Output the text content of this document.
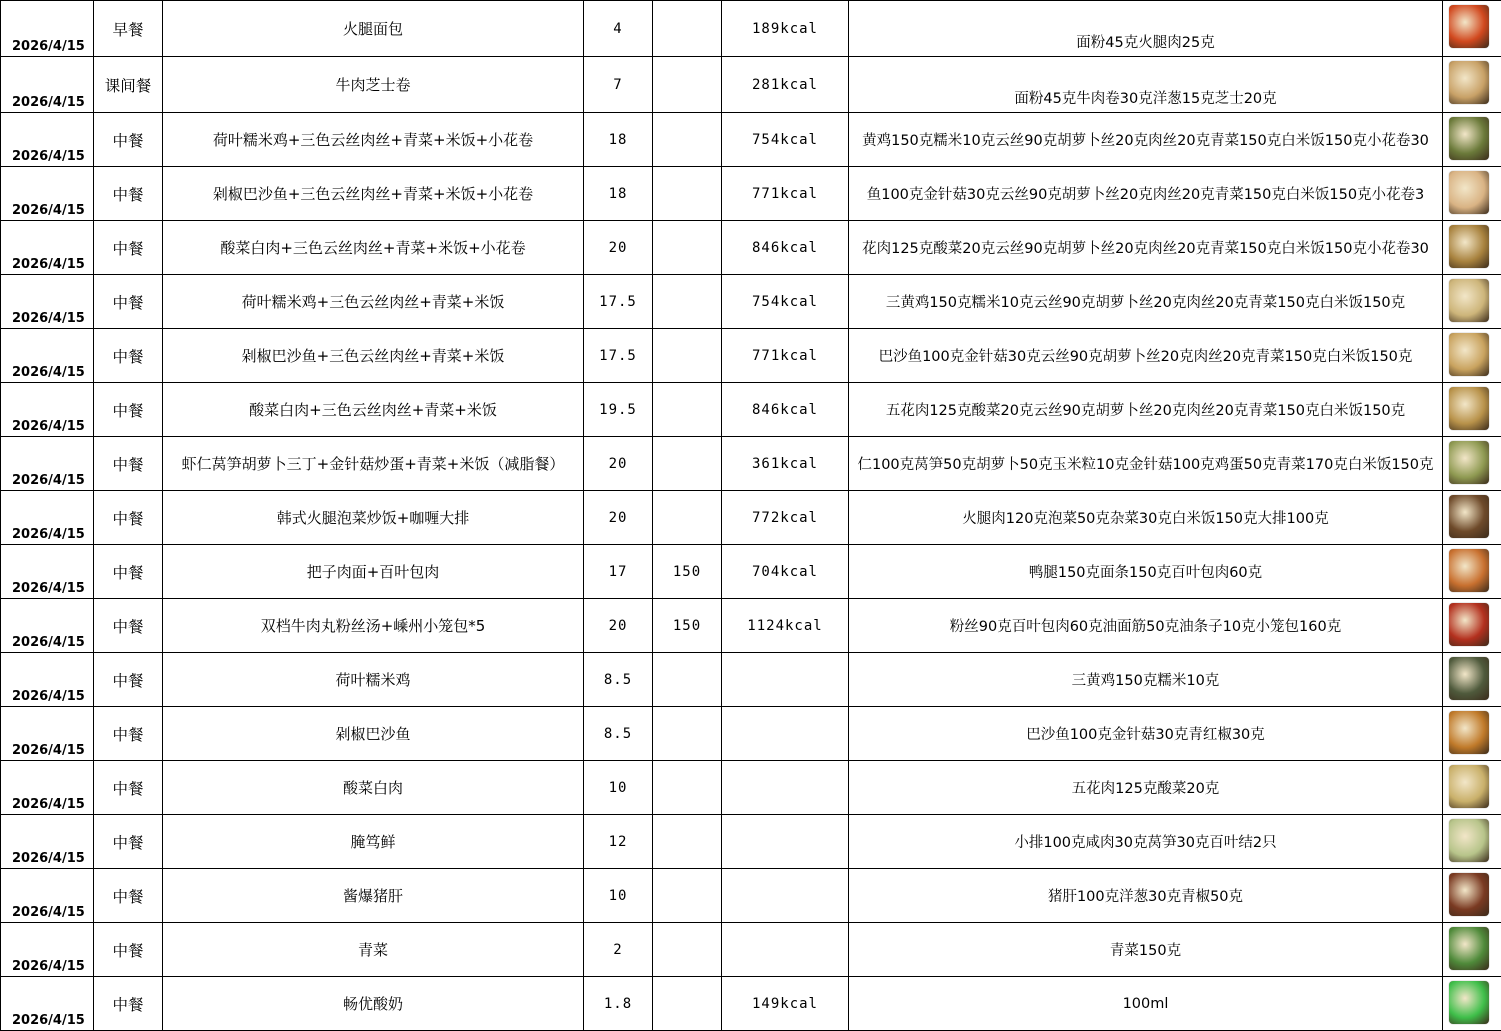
2026/4/15	早餐	火腿面包	4		189kcal	面粉45克火腿肉25克	

2026/4/15	课间餐	牛肉芝士卷	7		281kcal	面粉45克牛肉卷30克洋葱15克芝士20克	

2026/4/15	中餐	荷叶糯米鸡+三色云丝肉丝+青菜+米饭+小花卷	18		754kcal	黄鸡150克糯米10克云丝90克胡萝卜丝20克肉丝20克青菜150克白米饭150克小花卷30	

2026/4/15	中餐	剁椒巴沙鱼+三色云丝肉丝+青菜+米饭+小花卷	18		771kcal	鱼100克金针菇30克云丝90克胡萝卜丝20克肉丝20克青菜150克白米饭150克小花卷3	

2026/4/15	中餐	酸菜白肉+三色云丝肉丝+青菜+米饭+小花卷	20		846kcal	花肉125克酸菜20克云丝90克胡萝卜丝20克肉丝20克青菜150克白米饭150克小花卷30	

2026/4/15	中餐	荷叶糯米鸡+三色云丝肉丝+青菜+米饭	17.5		754kcal	三黄鸡150克糯米10克云丝90克胡萝卜丝20克肉丝20克青菜150克白米饭150克	

2026/4/15	中餐	剁椒巴沙鱼+三色云丝肉丝+青菜+米饭	17.5		771kcal	巴沙鱼100克金针菇30克云丝90克胡萝卜丝20克肉丝20克青菜150克白米饭150克	

2026/4/15	中餐	酸菜白肉+三色云丝肉丝+青菜+米饭	19.5		846kcal	五花肉125克酸菜20克云丝90克胡萝卜丝20克肉丝20克青菜150克白米饭150克	

2026/4/15	中餐	虾仁莴笋胡萝卜三丁+金针菇炒蛋+青菜+米饭（减脂餐）	20		361kcal	仁100克莴笋50克胡萝卜50克玉米粒10克金针菇100克鸡蛋50克青菜170克白米饭150克	

2026/4/15	中餐	韩式火腿泡菜炒饭+咖喱大排	20		772kcal	火腿肉120克泡菜50克杂菜30克白米饭150克大排100克	

2026/4/15	中餐	把子肉面+百叶包肉	17	150	704kcal	鸭腿150克面条150克百叶包肉60克	

2026/4/15	中餐	双档牛肉丸粉丝汤+嵊州小笼包*5	20	150	1124kcal	粉丝90克百叶包肉60克油面筋50克油条子10克小笼包160克	

2026/4/15	中餐	荷叶糯米鸡	8.5			三黄鸡150克糯米10克	

2026/4/15	中餐	剁椒巴沙鱼	8.5			巴沙鱼100克金针菇30克青红椒30克	

2026/4/15	中餐	酸菜白肉	10			五花肉125克酸菜20克	

2026/4/15	中餐	腌笃鲜	12			小排100克咸肉30克莴笋30克百叶结2只	

2026/4/15	中餐	酱爆猪肝	10			猪肝100克洋葱30克青椒50克	

2026/4/15	中餐	青菜	2			青菜150克	

2026/4/15	中餐	畅优酸奶	1.8		149kcal	100ml	
